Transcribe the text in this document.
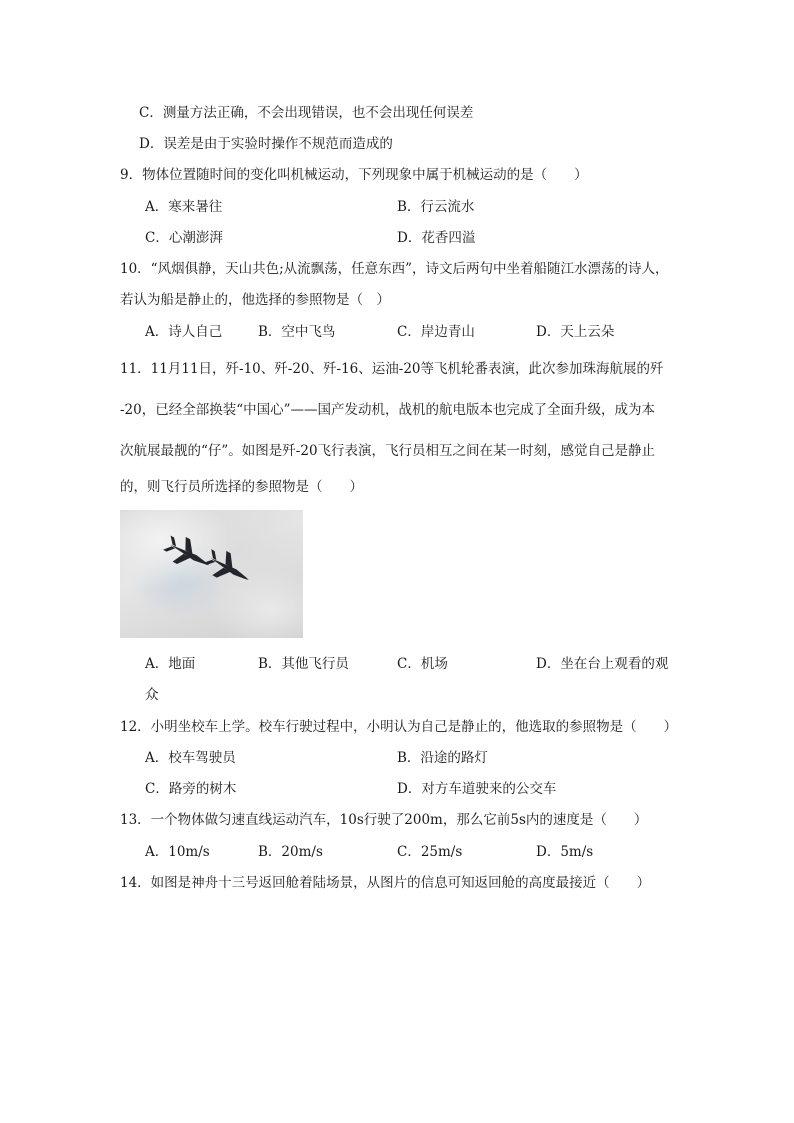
C．测量方法正确，不会出现错误，也不会出现任何误差
D．误差是由于实验时操作不规范而造成的
9．物体位置随时间的变化叫机械运动，下列现象中属于机械运动的是（　　）
A．寒来暑往	B．行云流水
C．心潮澎湃	D．花香四溢
10．“风烟俱静，天山共色;从流飘荡，任意东西”，诗文后两句中坐着船随江水漂荡的诗人，
若认为船是静止的，他选择的参照物是（　）
A．诗人自己	B．空中飞鸟	C．岸边青山	D．天上云朵
11．11月11日，歼-10、歼-20、歼-16、运油-20等飞机轮番表演，此次参加珠海航展的歼
-20，已经全部换装“中国心”——国产发动机，战机的航电版本也完成了全面升级，成为本
次航展最靓的“仔”。如图是歼-20飞行表演，飞行员相互之间在某一时刻，感觉自己是静止
的，则飞行员所选择的参照物是（　　）
A．地面	B．其他飞行员	C．机场	D．坐在台上观看的观
众
12．小明坐校车上学。校车行驶过程中，小明认为自己是静止的，他选取的参照物是（　　）
A．校车驾驶员	B．沿途的路灯
C．路旁的树木	D．对方车道驶来的公交车
13．一个物体做匀速直线运动汽车，10s行驶了200m，那么它前5s内的速度是（　　）
A．10m/s	B．20m/s	C．25m/s	D．5m/s
14．如图是神舟十三号返回舱着陆场景，从图片的信息可知返回舱的高度最接近（　　）
